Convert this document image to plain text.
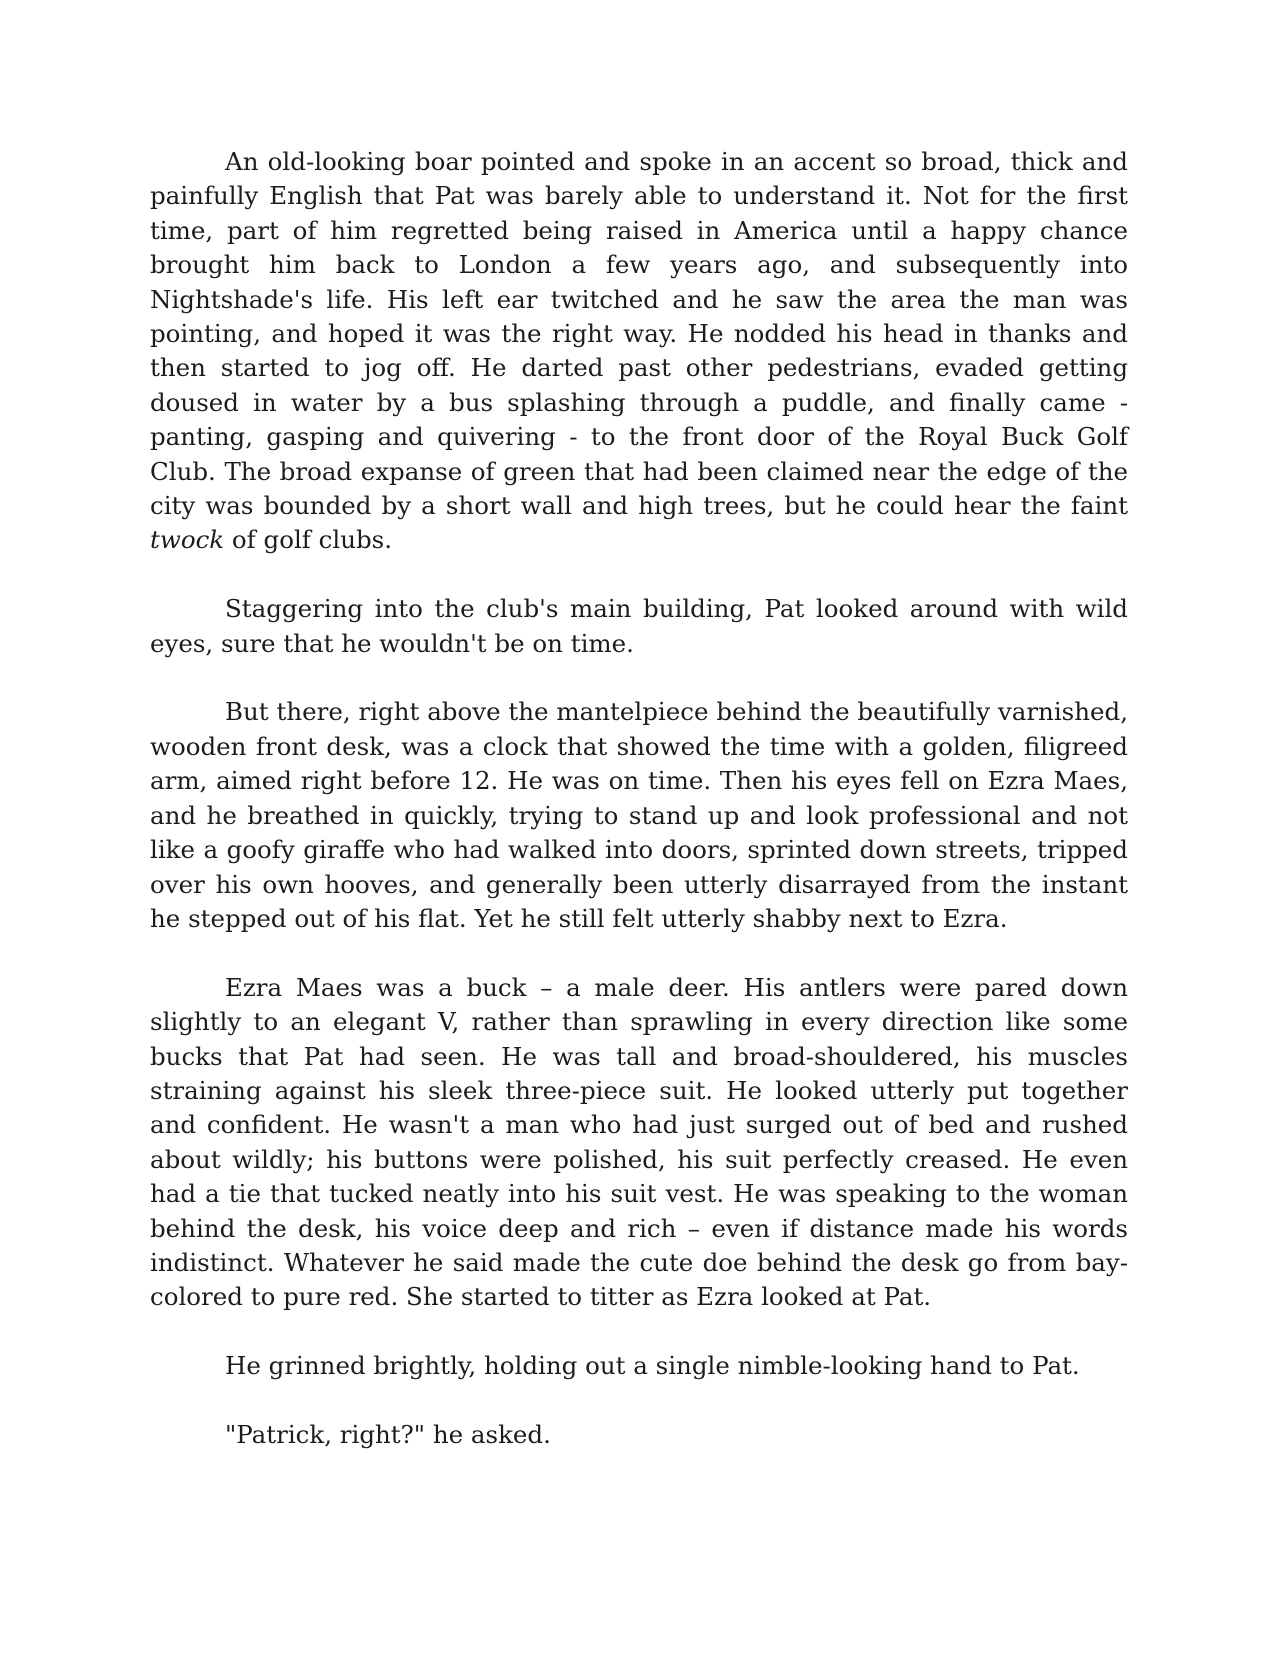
An old-looking boar pointed and spoke in an accent so broad, thick and painfully English that Pat was barely able to understand it. Not for the first time, part of him regretted being raised in America until a happy chance brought him back to London a few years ago, and subsequently into Nightshade's life. His left ear twitched and he saw the area the man was pointing, and hoped it was the right way. He nodded his head in thanks and then started to jog off. He darted past other pedestrians, evaded getting doused in water by a bus splashing through a puddle, and finally came - panting, gasping and quivering - to the front door of the Royal Buck Golf Club. The broad expanse of green that had been claimed near the edge of the city was bounded by a short wall and high trees, but he could hear the faint twock of golf clubs.

Staggering into the club's main building, Pat looked around with wild eyes, sure that he wouldn't be on time.

But there, right above the mantelpiece behind the beautifully varnished, wooden front desk, was a clock that showed the time with a golden, filigreed arm, aimed right before 12. He was on time. Then his eyes fell on Ezra Maes, and he breathed in quickly, trying to stand up and look professional and not like a goofy giraffe who had walked into doors, sprinted down streets, tripped over his own hooves, and generally been utterly disarrayed from the instant he stepped out of his flat. Yet he still felt utterly shabby next to Ezra.

Ezra Maes was a buck – a male deer. His antlers were pared down slightly to an elegant V, rather than sprawling in every direction like some bucks that Pat had seen. He was tall and broad-shouldered, his muscles straining against his sleek three-piece suit. He looked utterly put together and confident. He wasn't a man who had just surged out of bed and rushed about wildly; his buttons were polished, his suit perfectly creased. He even had a tie that tucked neatly into his suit vest. He was speaking to the woman behind the desk, his voice deep and rich – even if distance made his words indistinct. Whatever he said made the cute doe behind the desk go from bay-colored to pure red. She started to titter as Ezra looked at Pat.

He grinned brightly, holding out a single nimble-looking hand to Pat.

"Patrick, right?" he asked.
